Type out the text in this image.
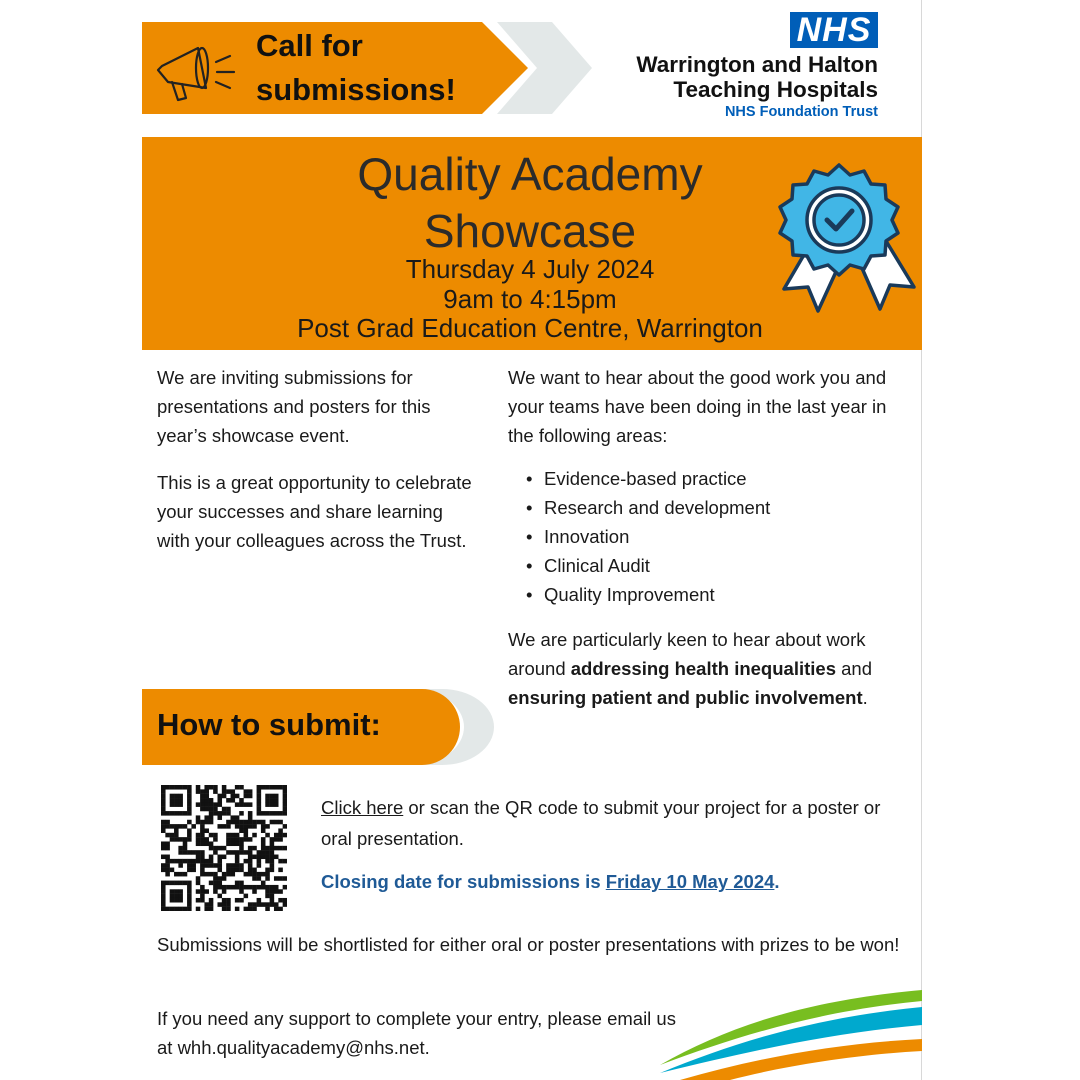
Call for
submissions!
NHS
Warrington and Halton
Teaching Hospitals
NHS Foundation Trust
Quality Academy
Showcase
Thursday 4 July 2024
9am to 4:15pm
Post Grad Education Centre, Warrington

We are inviting submissions for presentations and posters for this year’s showcase event.

This is a great opportunity to celebrate your successes and share learning with your colleagues across the Trust.

We want to hear about the good work you and your teams have been doing in the last year in the following areas:

• Evidence-based practice
• Research and development
• Innovation
• Clinical Audit
• Quality Improvement

We are particularly keen to hear about work around addressing health inequalities and ensuring patient and public involvement.

How to submit:

Click here or scan the QR code to submit your project for a poster or oral presentation.

Closing date for submissions is Friday 10 May 2024.
Submissions will be shortlisted for either oral or poster presentations with prizes to be won!
If you need any support to complete your entry, please email us at whh.qualityacademy@nhs.net.
